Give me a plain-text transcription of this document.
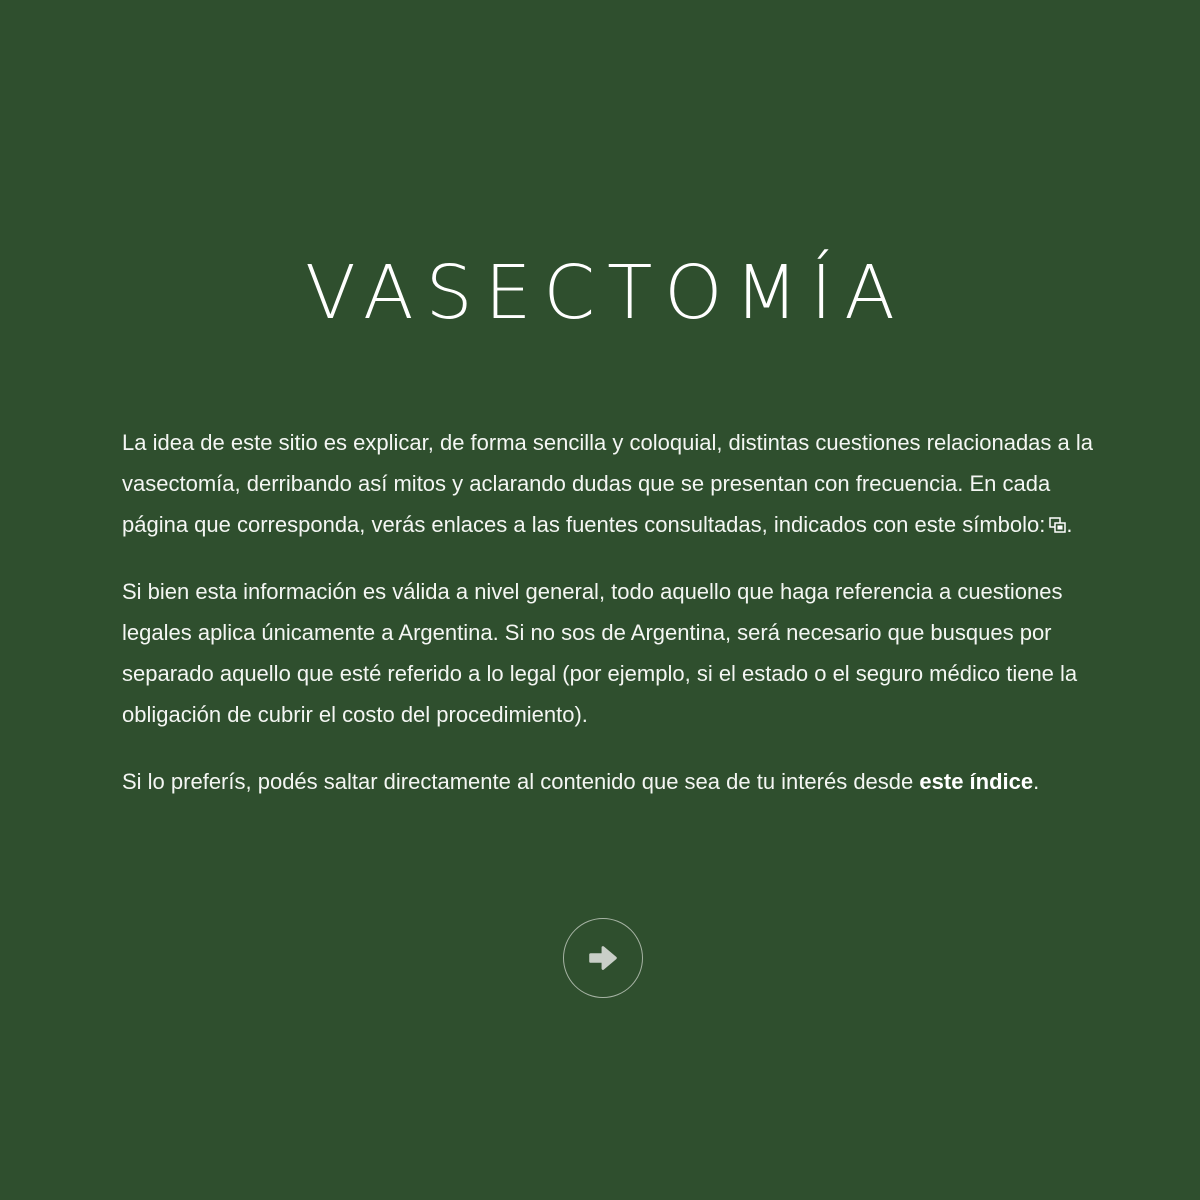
VASECTOMÍA

La idea de este sitio es explicar, de forma sencilla y coloquial, distintas cuestiones relacionadas a la vasectomía, derribando así mitos y aclarando dudas que se presentan con frecuencia. En cada página que corresponda, verás enlaces a las fuentes consultadas, indicados con este símbolo: .

Si bien esta información es válida a nivel general, todo aquello que haga referencia a cuestiones legales aplica únicamente a Argentina. Si no sos de Argentina, será necesario que busques por separado aquello que esté referido a lo legal (por ejemplo, si el estado o el seguro médico tiene la obligación de cubrir el costo del procedimiento).

Si lo preferís, podés saltar directamente al contenido que sea de tu interés desde este índice.
